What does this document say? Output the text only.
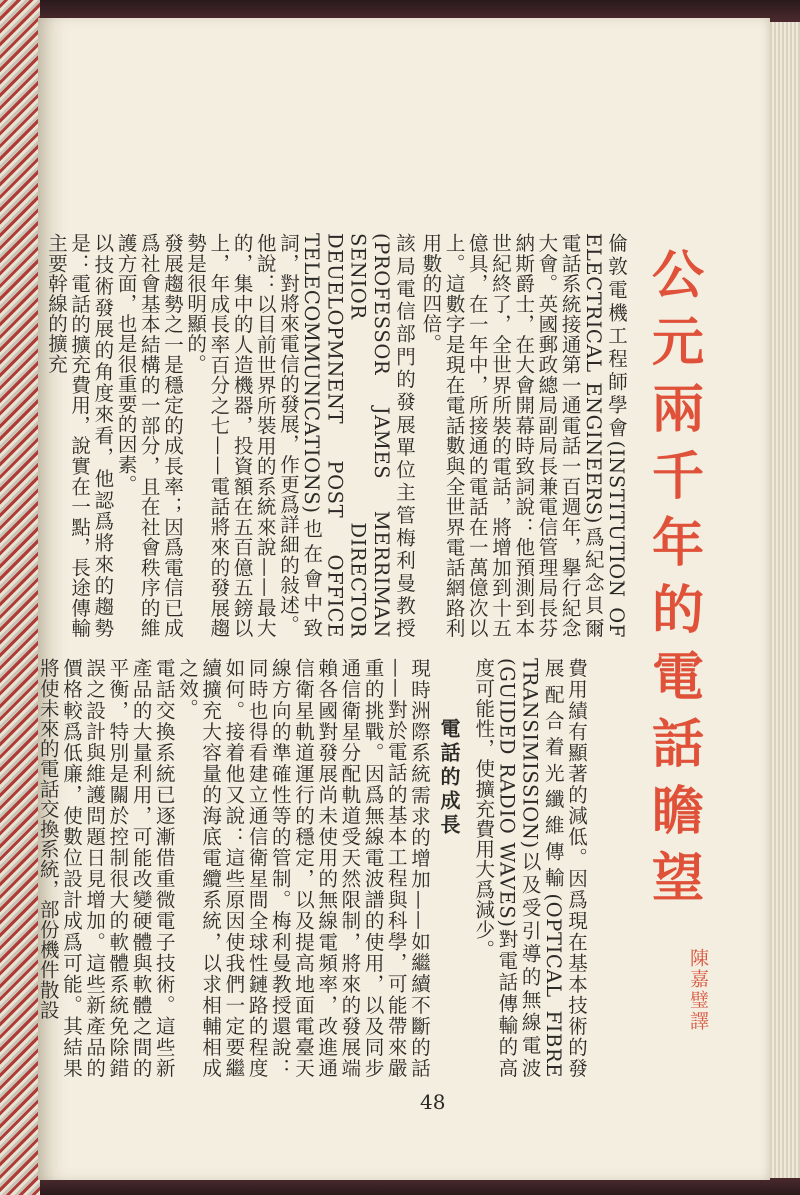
公
元
兩
千
年
的
電
話
瞻
望
陳嘉璧譯
倫敦電機工程師學會(INSTITUTION OF ELECTRICAL ENGINEERS)爲紀念貝爾電話系統接通第一通電話一百週年，擧行紀念大會。英國郵政總局副局長兼電信管理局長芬納斯爵士，在大會開幕時致詞說：他預測到本世紀終了，全世界所裝的電話，將增加到十五億具，在一年中，所接通的電話在一萬億次以上。這數字是現在電話數與全世界電話網路利用數的四倍。
該局電信部門的發展單位主管梅利曼教授(PROFESSOR JAMES MERRIMAN SENIOR DIRECTOR DEUELOPMNENT POST OFFICE TELECOMMUNICATIONS)也在會中致詞，對將來電信的發展，作更爲詳細的敍述。
他說：以目前世界所裝用的系統來說——最大的，集中的人造機器，投資額在五百億五鎊以上，年成長率百分之七——電話將來的發展趨勢是很明顯的。
發展趨勢之一是穩定的成長率；因爲電信已成爲社會基本結構的一部分，且在社會秩序的維護方面，也是很重要的因素。
以技術發展的角度來看，他認爲將來的趨勢是：電話的擴充費用，說實在一點，長途傳輸主要幹線的擴充
費用績有顯著的減低。因爲現在基本技術的發展配合着光纖維傳輸(OPTICAL FIBRE TRANSIMISSION)以及受引導的無線電波(GUIDED RADIO WAVES)對電話傳輸的高度可能性，使擴充費用大爲減少。
電話的成長
現時洲際系統需求的增加——如繼續不斷的話——對於電話的基本工程與科學，可能帶來嚴重的挑戰。因爲無線電波譜的使用，以及同步通信衛星分配軌道受天然限制，將來的發展端賴各國對發展尚未使用的無線電頻率，改進通信衛星軌道運行的穩定，以及提高地面電臺天線方向的準確性等的管制。梅利曼教授還說：同時也得看建立通信衛星間全球性鏈路的程度如何。接着他又說：這些原因使我們一定要繼續擴充大容量的海底電纜系統，以求相輔相成之效。
電話交換系統已逐漸借重微電子技術。這些新產品的大量利用，可能改變硬體與軟體之間的平衡，特別是關於控制很大的軟體系統免除錯誤之設計與維護問題日見增加。這些新產品的價格較爲低廉，使數位設計成爲可能。其結果將使未來的電話交換系統，部份機件散設
48
